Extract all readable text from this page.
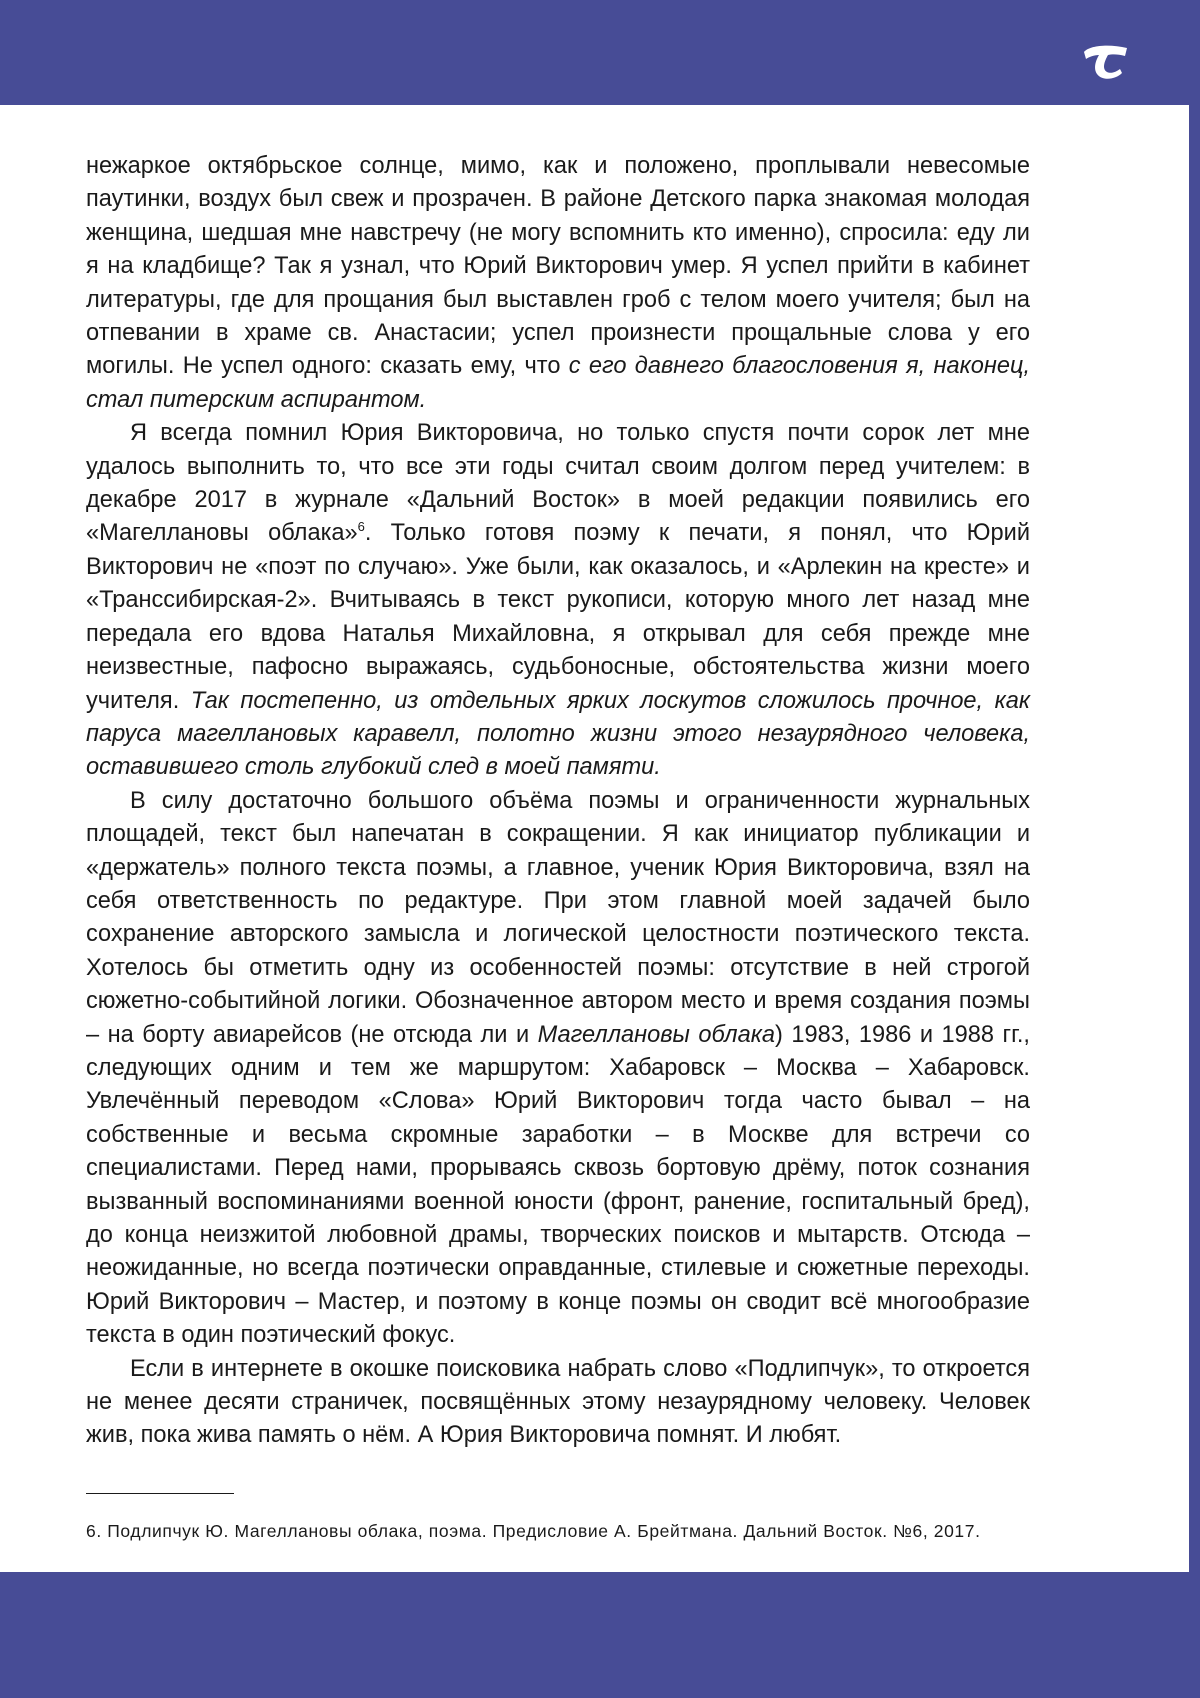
нежаркое октябрьское солнце, мимо, как и положено, проплывали невесомые паутинки, воздух был свеж и прозрачен. В районе Детского парка знакомая молодая женщина, шедшая мне навстречу (не могу вспомнить кто именно), спросила: еду ли я на кладбище? Так я узнал, что Юрий Викторович умер. Я успел прийти в кабинет литературы, где для прощания был выставлен гроб с телом моего учителя; был на отпевании в храме св. Анастасии; успел произнести прощальные слова у его могилы. Не успел одного: сказать ему, что с его давнего благословения я, наконец, стал питерским аспирантом.

Я всегда помнил Юрия Викторовича, но только спустя почти сорок лет мне удалось выполнить то, что все эти годы считал своим долгом перед учителем: в декабре 2017 в журнале «Дальний Восток» в моей редакции появились его «Магеллановы облака»$^6$. Только готовя поэму к печати, я понял, что Юрий Викторович не «поэт по случаю». Уже были, как оказалось, и «Арлекин на кресте» и «Транссибирская-2». Вчитываясь в текст рукописи, которую много лет назад мне передала его вдова Наталья Михайловна, я открывал для себя прежде мне неизвестные, пафосно выражаясь, судьбоносные, обстоятельства жизни моего учителя. Так постепенно, из отдельных ярких лоскутов сложилось прочное, как паруса магеллановых каравелл, полотно жизни этого незаурядного человека, оставившего столь глубокий след в моей памяти.

В силу достаточно большого объёма поэмы и ограниченности журнальных площадей, текст был напечатан в сокращении. Я как инициатор публикации и «держатель» полного текста поэмы, а главное, ученик Юрия Викторовича, взял на себя ответственность по редактуре. При этом главной моей задачей было сохранение авторского замысла и логической целостности поэтического текста. Хотелось бы отметить одну из особенностей поэмы: отсутствие в ней строгой сюжетно-событийной логики. Обозначенное автором место и время создания поэмы – на борту авиарейсов (не отсюда ли и Магеллановы облака) 1983, 1986 и 1988 гг., следующих одним и тем же маршрутом: Хабаровск – Москва – Хабаровск. Увлечённый переводом «Слова» Юрий Викторович тогда часто бывал – на собственные и весьма скромные заработки – в Москве для встречи со специалистами. Перед нами, прорываясь сквозь бортовую дрёму, поток сознания вызванный воспоминаниями военной юности (фронт, ранение, госпитальный бред), до конца неизжитой любовной драмы, творческих поисков и мытарств. Отсюда – неожиданные, но всегда поэтически оправданные, стилевые и сюжетные переходы. Юрий Викторович – Мастер, и поэтому в конце поэмы он сводит всё многообразие текста в один поэтический фокус.

Если в интернете в окошке поисковика набрать слово «Подлипчук», то откроется не менее десяти страничек, посвящённых этому незаурядному человеку. Человек жив, пока жива память о нём. А Юрия Викторовича помнят. И любят.

6. Подлипчук Ю. Магеллановы облака, поэма. Предисловие А. Брейтмана. Дальний Восток. №6, 2017.
11
